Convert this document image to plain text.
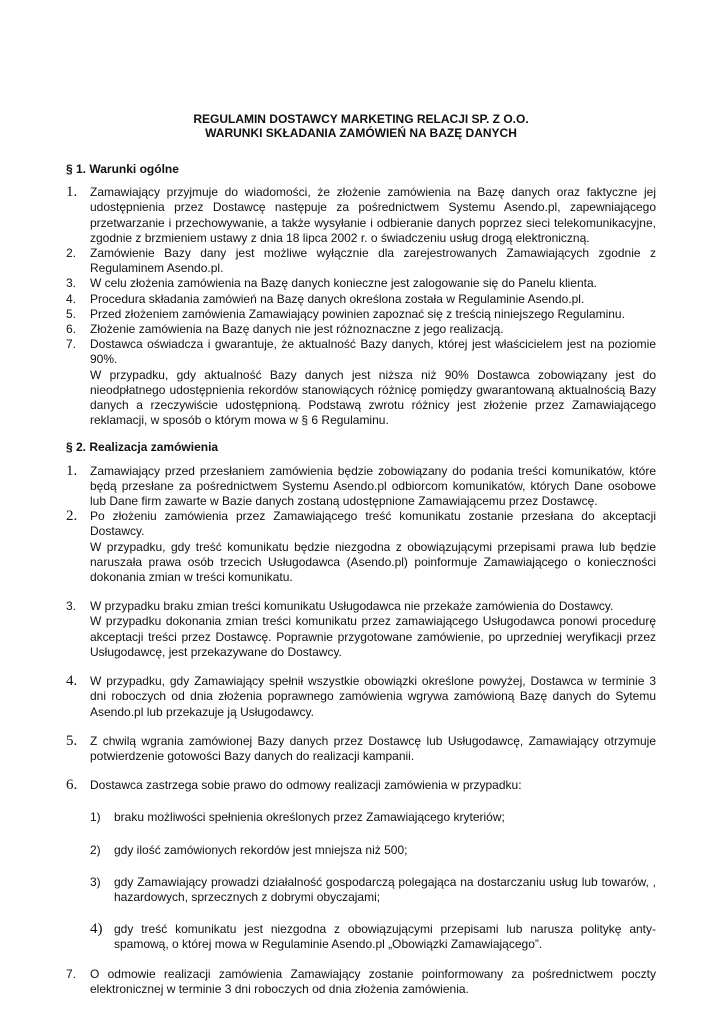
REGULAMIN DOSTAWCY MARKETING RELACJI SP. Z O.O.
WARUNKI SKŁADANIA ZAMÓWIEŃ NA BAZĘ DANYCH
§ 1. Warunki ogólne
1. Zamawiający przyjmuje do wiadomości, że złożenie zamówienia na Bazę danych oraz faktyczne jej udostępnienia przez Dostawcę następuje za pośrednictwem Systemu Asendo.pl, zapewniającego przetwarzanie i przechowywanie, a także wysyłanie i odbieranie danych poprzez sieci telekomunikacyjne, zgodnie z brzmieniem ustawy z dnia 18 lipca 2002 r. o świadczeniu usług drogą elektroniczną.
2. Zamówienie Bazy dany jest możliwe wyłącznie dla zarejestrowanych Zamawiających zgodnie z Regulaminem Asendo.pl.
3. W celu złożenia zamówienia na Bazę danych konieczne jest zalogowanie się do Panelu klienta.
4. Procedura składania zamówień na Bazę danych określona została w Regulaminie Asendo.pl.
5. Przed złożeniem zamówienia Zamawiający powinien zapoznać się z treścią niniejszego Regulaminu.
6. Złożenie zamówienia na Bazę danych nie jest różnoznaczne z jego realizacją.
7. Dostawca oświadcza i gwarantuje, że aktualność Bazy danych, której jest właścicielem jest na poziomie 90%.
W przypadku, gdy aktualność Bazy danych jest niższa niż 90% Dostawca zobowiązany jest do nieodpłatnego udostępnienia rekordów stanowiących różnicę pomiędzy gwarantowaną aktualnością Bazy danych a rzeczywiście udostępnioną. Podstawą zwrotu różnicy jest złożenie przez Zamawiającego reklamacji, w sposób o którym mowa w § 6 Regulaminu.
§ 2. Realizacja zamówienia
1. Zamawiający przed przesłaniem zamówienia będzie zobowiązany do podania treści komunikatów, które będą przesłane za pośrednictwem Systemu Asendo.pl odbiorcom komunikatów, których Dane osobowe lub Dane firm zawarte w Bazie danych zostaną udostępnione Zamawiającemu przez Dostawcę.
2. Po złożeniu zamówienia przez Zamawiającego treść komunikatu zostanie przesłana do akceptacji Dostawcy.
W przypadku, gdy treść komunikatu będzie niezgodna z obowiązującymi przepisami prawa lub będzie naruszała prawa osób trzecich Usługodawca (Asendo.pl) poinformuje Zamawiającego o konieczności dokonania zmian w treści komunikatu.
3. W przypadku braku zmian treści komunikatu Usługodawca nie przekaże zamówienia do Dostawcy.
W przypadku dokonania zmian treści komunikatu przez zamawiającego Usługodawca ponowi procedurę akceptacji treści przez Dostawcę. Poprawnie przygotowane zamówienie, po uprzedniej weryfikacji przez Usługodawcę, jest przekazywane do Dostawcy.
4. W przypadku, gdy Zamawiający spełnił wszystkie obowiązki określone powyżej, Dostawca w terminie 3 dni roboczych od dnia złożenia poprawnego zamówienia wgrywa zamówioną Bazę danych do Sytemu Asendo.pl lub przekazuje ją Usługodawcy.
5. Z chwilą wgrania zamówionej Bazy danych przez Dostawcę lub Usługodawcę, Zamawiający otrzymuje potwierdzenie gotowości Bazy danych do realizacji kampanii.
6. Dostawca zastrzega sobie prawo do odmowy realizacji zamówienia w przypadku:
1) braku możliwości spełnienia określonych przez Zamawiającego kryteriów;
2) gdy ilość zamówionych rekordów jest mniejsza niż 500;
3) gdy Zamawiający prowadzi działalność gospodarczą polegająca na dostarczaniu usług lub towarów, , hazardowych, sprzecznych z dobrymi obyczajami;
4) gdy treść komunikatu jest niezgodna z obowiązującymi przepisami lub narusza politykę anty-spamową, o której mowa w Regulaminie Asendo.pl „Obowiązki Zamawiającego”.
7. O odmowie realizacji zamówienia Zamawiający zostanie poinformowany za pośrednictwem poczty elektronicznej w terminie 3 dni roboczych od dnia złożenia zamówienia.
